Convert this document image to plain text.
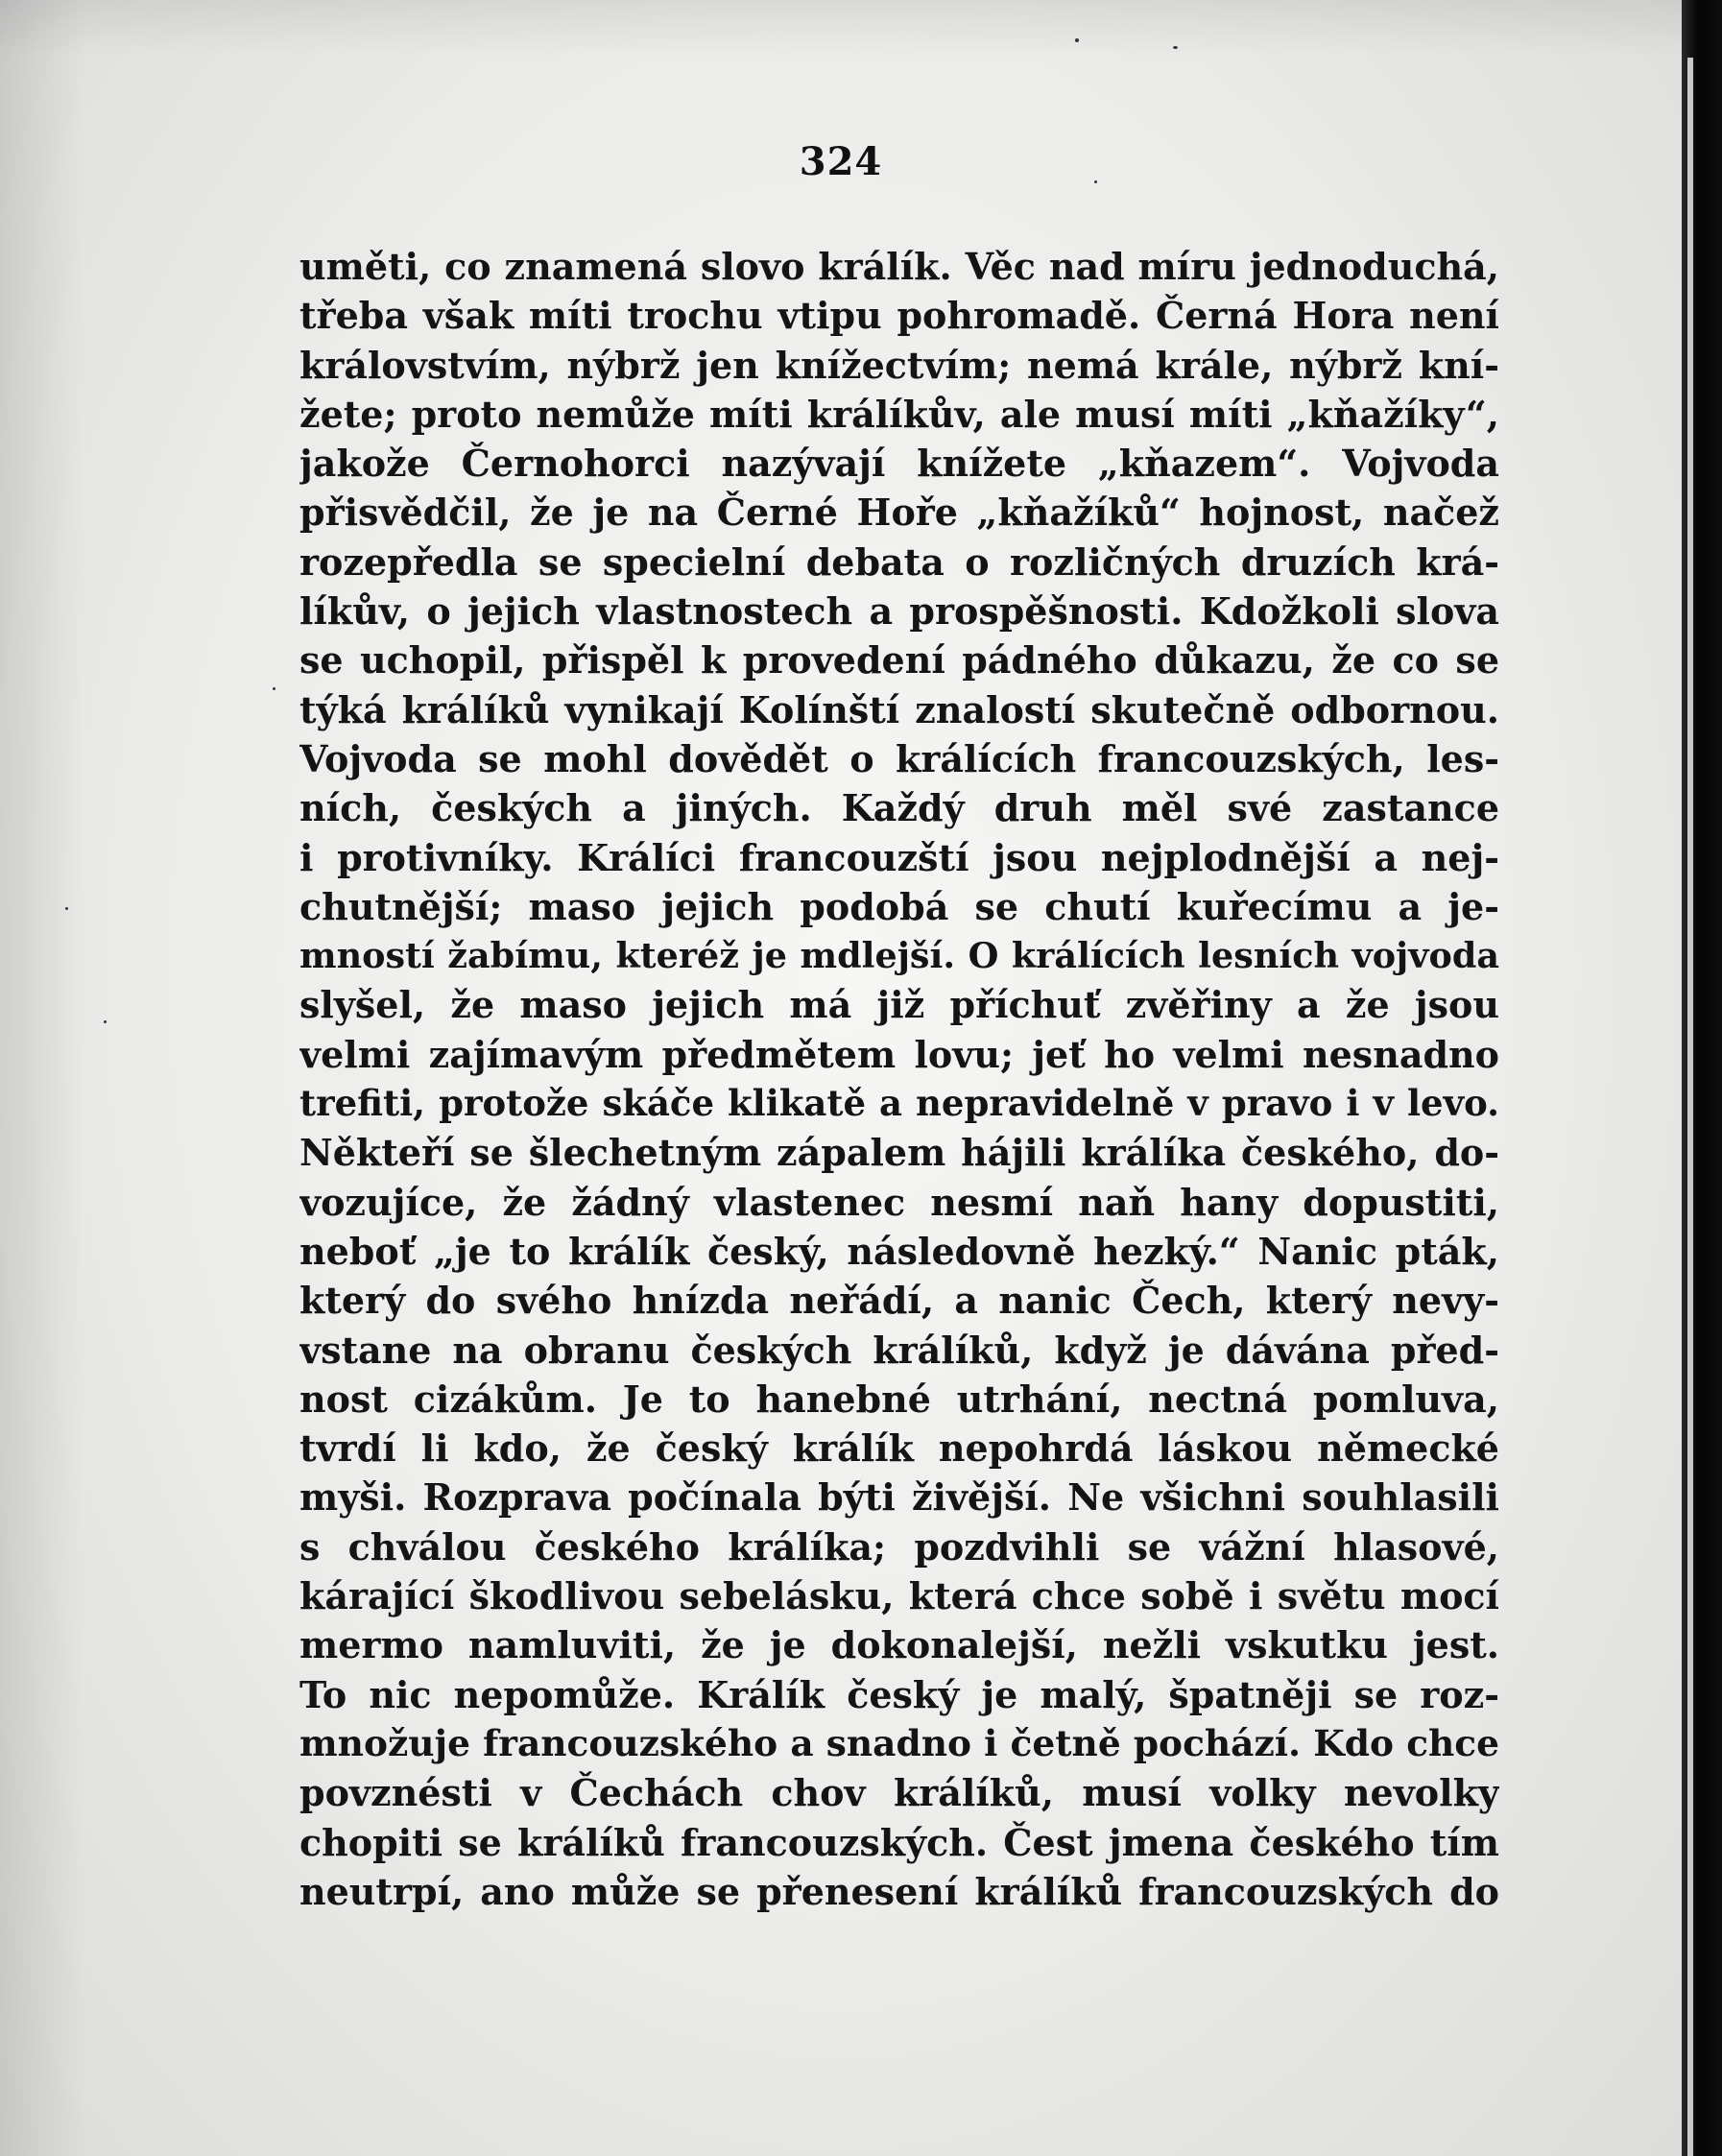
324
uměti, co znamená slovo králík. Věc nad míru jednoduchá,
třeba však míti trochu vtipu pohromadě. Černá Hora není
královstvím, nýbrž jen knížectvím; nemá krále, nýbrž kní-
žete; proto nemůže míti králíkův, ale musí míti „kňažíky“,
jakože Černohorci nazývají knížete „kňazem“. Vojvoda
přisvědčil, že je na Černé Hoře „kňažíků“ hojnost, načež
rozepředla se specielní debata o rozličných druzích krá-
líkův, o jejich vlastnostech a prospěšnosti. Kdožkoli slova
se uchopil, přispěl k provedení pádného důkazu, že co se
týká králíků vynikají Kolínští znalostí skutečně odbornou.
Vojvoda se mohl dovědět o králících francouzských, les-
ních, českých a jiných. Každý druh měl své zastance
i protivníky. Králíci francouzští jsou nejplodnější a nej-
chutnější; maso jejich podobá se chutí kuřecímu a je-
mností žabímu, kteréž je mdlejší. O králících lesních vojvoda
slyšel, že maso jejich má již příchuť zvěřiny a že jsou
velmi zajímavým předmětem lovu; jeť ho velmi nesnadno
trefiti, protože skáče klikatě a nepravidelně v pravo i v levo.
Někteří se šlechetným zápalem hájili králíka českého, do-
vozujíce, že žádný vlastenec nesmí naň hany dopustiti,
neboť „je to králík český, následovně hezký.“ Nanic pták,
který do svého hnízda neřádí, a nanic Čech, který nevy-
vstane na obranu českých králíků, když je dávána před-
nost cizákům. Je to hanebné utrhání, nectná pomluva,
tvrdí li kdo, že český králík nepohrdá láskou německé
myši. Rozprava počínala býti živější. Ne všichni souhlasili
s chválou českého králíka; pozdvihli se vážní hlasové,
kárající škodlivou sebelásku, která chce sobě i světu mocí
mermo namluviti, že je dokonalejší, nežli vskutku jest.
To nic nepomůže. Králík český je malý, špatněji se roz-
množuje francouzského a snadno i četně pochází. Kdo chce
povznésti v Čechách chov králíků, musí volky nevolky
chopiti se králíků francouzských. Čest jmena českého tím
neutrpí, ano může se přenesení králíků francouzských do
